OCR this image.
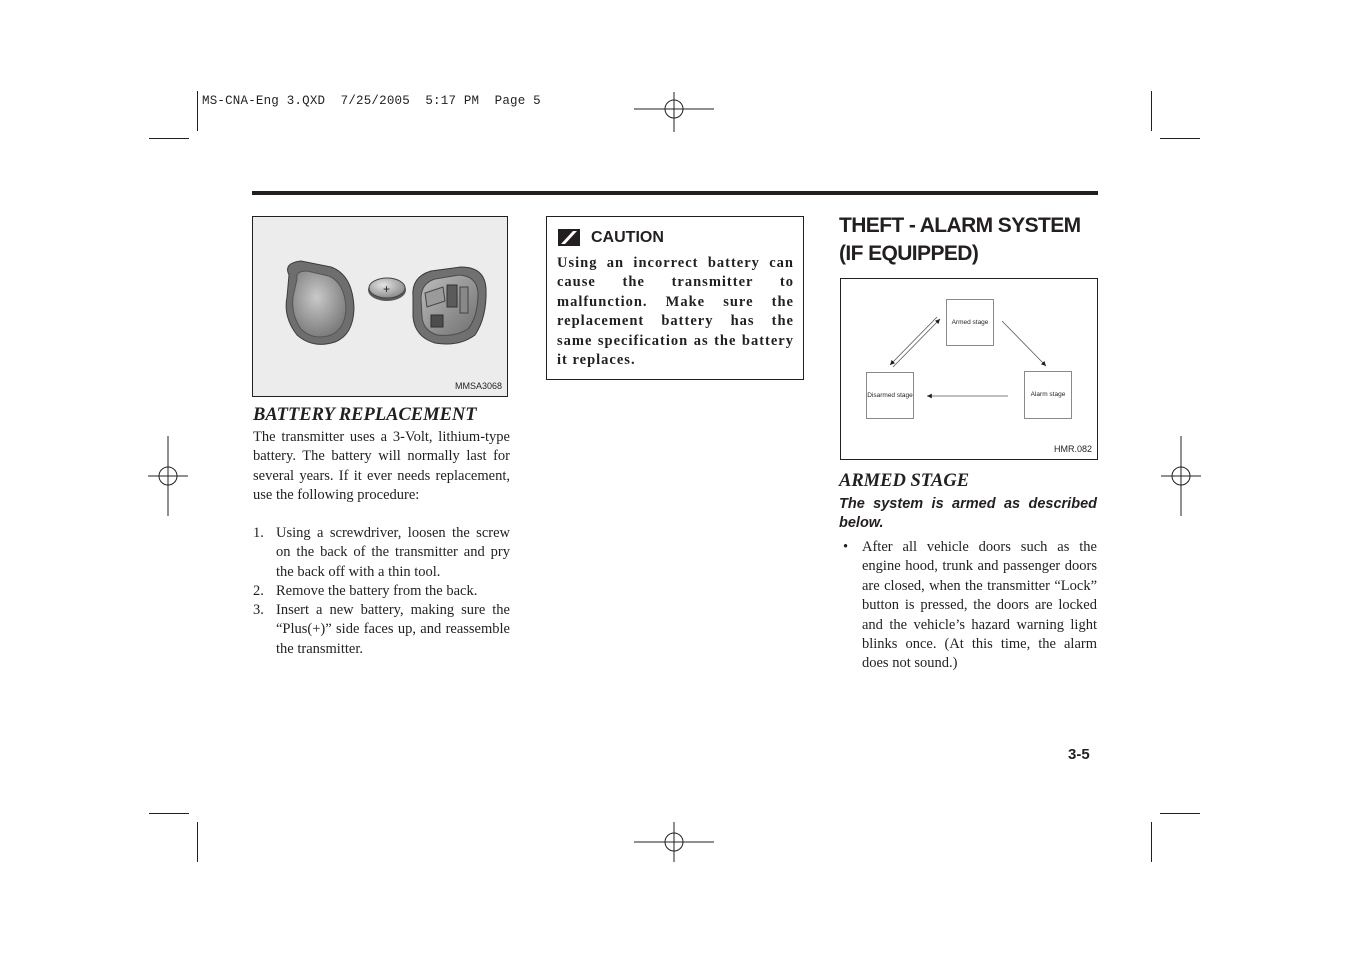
MS-CNA-Eng 3.QXD  7/25/2005  5:17 PM  Page 5
+
MMSA3068
BATTERY REPLACEMENT
The transmitter uses a 3-Volt, lithium-type battery. The battery will normally last for several years. If it ever needs replacement, use the following procedure:
1. Using a screwdriver, loosen the screw on the back of the transmitter and pry the back off with a thin tool.
2. Remove the battery from the back.
3. Insert a new battery, making sure the “Plus(+)” side faces up, and reassemble the transmitter.
CAUTION
Using an incorrect battery can cause the transmitter to malfunction. Make sure the replacement battery has the same specification as the battery it replaces.
THEFT - ALARM SYSTEM (IF EQUIPPED)
Armed stage
Disarmed stage	Alarm stage
HMR.082
ARMED STAGE
The system is armed as described below.
• After all vehicle doors such as the engine hood, trunk and passenger doors are closed, when the transmitter “Lock” button is pressed, the doors are locked and the vehicle’s hazard warning light blinks once. (At this time, the alarm does not sound.)
3-5
